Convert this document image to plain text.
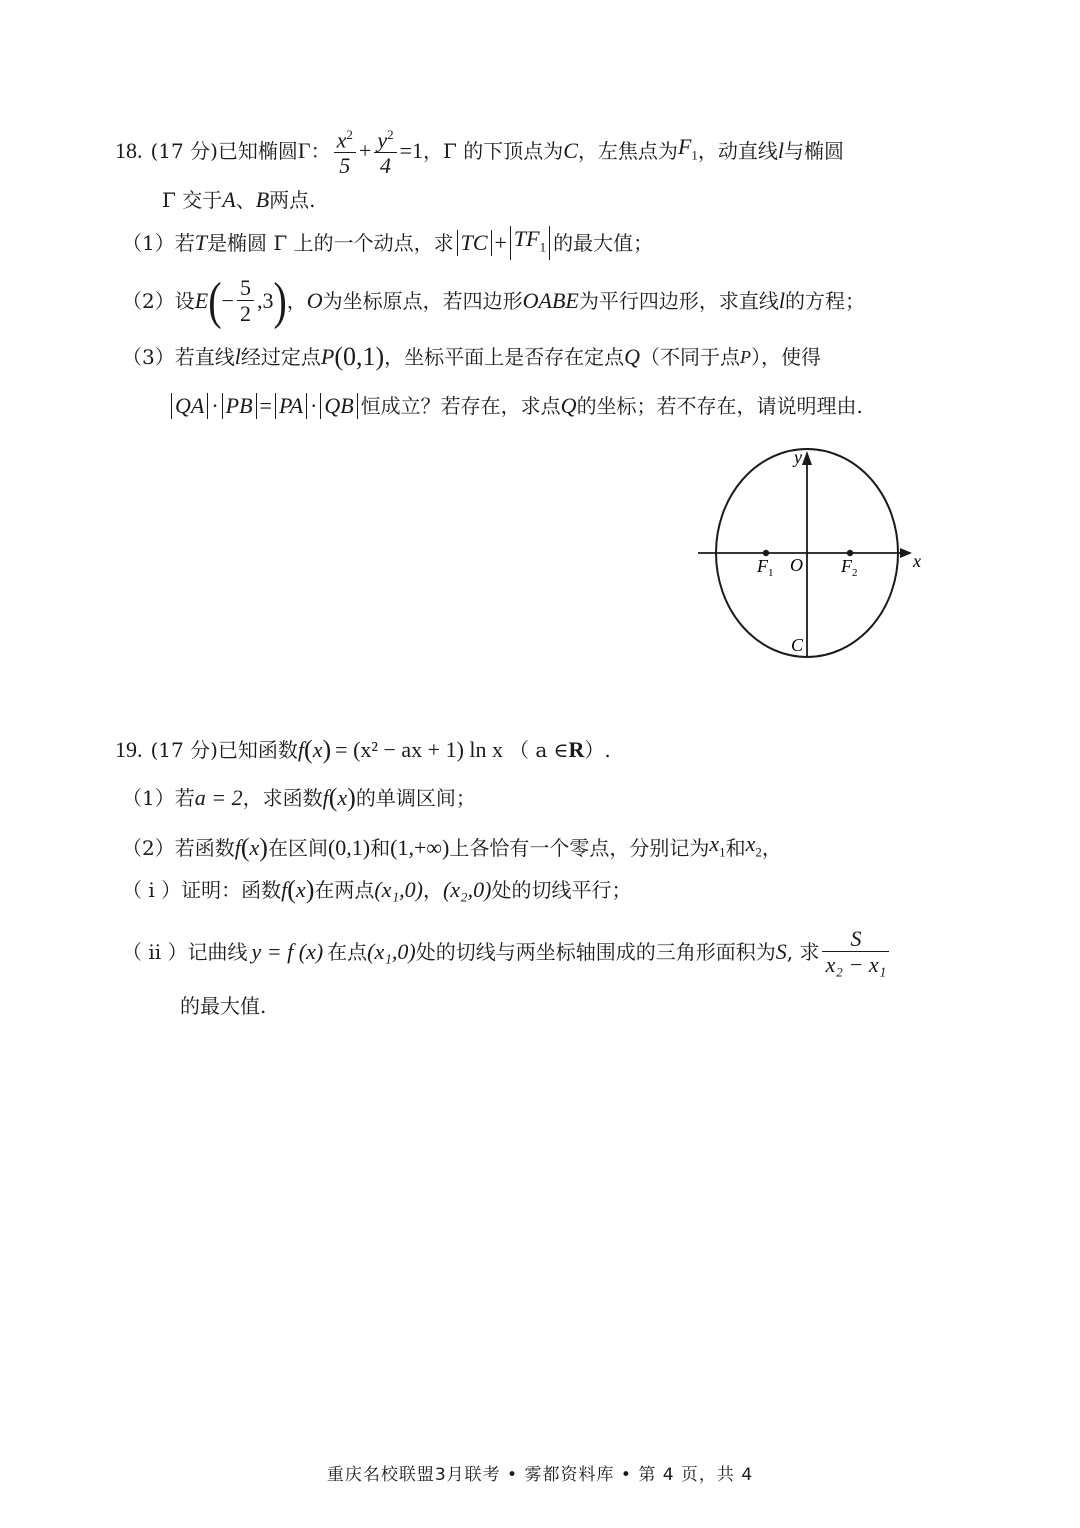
18. (17 分) 已知椭圆 Γ ： $\frac{x^2}{5} + \frac{y^2}{4} =1$ ，Γ 的下顶点为 C ，左焦点为 $F_1$ ，动直线 l 与椭圆
Γ 交于 A 、 B 两点.
（1） 若 T 是椭圆 Γ 上的一个动点，求 TC + $TF_1$ 的最大值；
（2） 设 E ( − $\frac{5}{2} ,3$ ) ， O 为坐标原点，若四边形 OABE 为平行四边形，求直线 l 的方程；
（3） 若直线 l 经过定点 P (0,1) ，坐标平面上是否存在定点 Q （不同于点 P ），使得
QA · PB = PA · QB 恒成立？若存在，求点 Q 的坐标；若不存在，请说明理由.
y
x
O
F 1	F 2
C
19. (17 分) 已知函数 f ( x ) = (x² − ax + 1) ln x （ a ∈ R ）.
（1） 若 a = 2 ，求函数 f ( x ) 的单调区间；
（2） 若函数 f ( x ) 在区间 (0,1) 和 (1,+∞) 上各恰有一个零点，分别记为 $x_1$ 和 $x_2$ ，
（ i ） 证明：函数 f ( x ) 在两点 (x₁,0) ， (x₂,0) 处的切线平行；
（ ii ） 记曲线 y = f (x) 在点 (x₁,0) 处的切线与两坐标轴围成的三角形面积为 S , 求 $\frac{S}{\text{x₂ − x₁}}$
的最大值.
重庆名校联盟3月联考 • 雾都资料库 • 第 4 页，共 4
